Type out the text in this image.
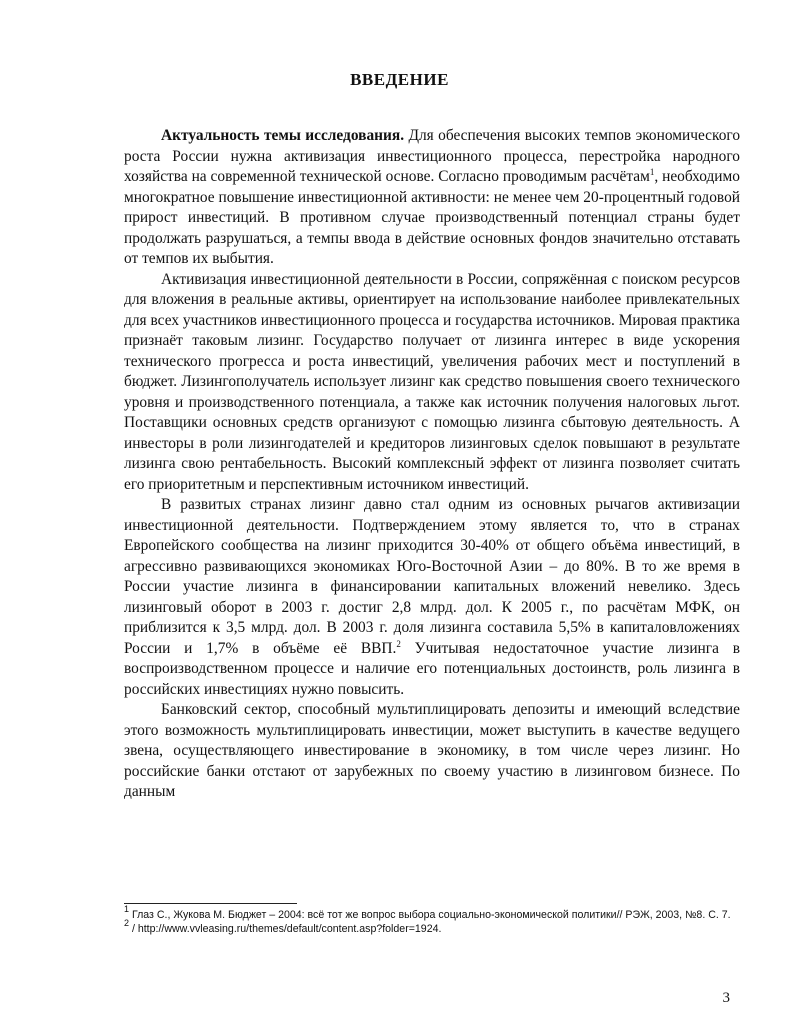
ВВЕДЕНИЕ

Актуальность темы исследования. Для обеспечения высоких темпов экономического роста России нужна активизация инвестиционного процесса, перестройка народного хозяйства на современной технической основе. Согласно проводимым расчётам$^1$, необходимо многократное повышение инвестиционной активности: не менее чем 20-процентный годовой прирост инвестиций. В противном случае производственный потенциал страны будет продолжать разрушаться, а темпы ввода в действие основных фондов значительно отставать от темпов их выбытия.

Активизация инвестиционной деятельности в России, сопряжённая с поиском ресурсов для вложения в реальные активы, ориентирует на использование наиболее привлекательных для всех участников инвестиционного процесса и государства источников. Мировая практика признаёт таковым лизинг. Государство получает от лизинга интерес в виде ускорения технического прогресса и роста инвестиций, увеличения рабочих мест и поступлений в бюджет. Лизингополучатель использует лизинг как средство повышения своего технического уровня и производственного потенциала, а также как источник получения налоговых льгот. Поставщики основных средств организуют с помощью лизинга сбытовую деятельность. А инвесторы в роли лизингодателей и кредиторов лизинговых сделок повышают в результате лизинга свою рентабельность. Высокий комплексный эффект от лизинга позволяет считать его приоритетным и перспективным источником инвестиций.

В развитых странах лизинг давно стал одним из основных рычагов активизации инвестиционной деятельности. Подтверждением этому является то, что в странах Европейского сообщества на лизинг приходится 30-40% от общего объёма инвестиций, в агрессивно развивающихся экономиках Юго-Восточной Азии – до 80%. В то же время в России участие лизинга в финансировании капитальных вложений невелико. Здесь лизинговый оборот в 2003 г. достиг 2,8 млрд. дол. К 2005 г., по расчётам МФК, он приблизится к 3,5 млрд. дол. В 2003 г. доля лизинга составила 5,5% в капиталовложениях России и 1,7% в объёме её ВВП.$^2$ Учитывая недостаточное участие лизинга в воспроизводственном процессе и наличие его потенциальных достоинств, роль лизинга в российских инвестициях нужно повысить.

Банковский сектор, способный мультиплицировать депозиты и имеющий вследствие этого возможность мультиплицировать инвестиции, может выступить в качестве ведущего звена, осуществляющего инвестирование в экономику, в том числе через лизинг. Но российские банки отстают от зарубежных по своему участию в лизинговом бизнесе. По данным

$^1$ Глаз С., Жукова М. Бюджет – 2004: всё тот же вопрос выбора социально-экономической политики// РЭЖ, 2003, №8. С. 7.
$^2$ / http://www.vvleasing.ru/themes/default/content.asp?folder=1924.
3
